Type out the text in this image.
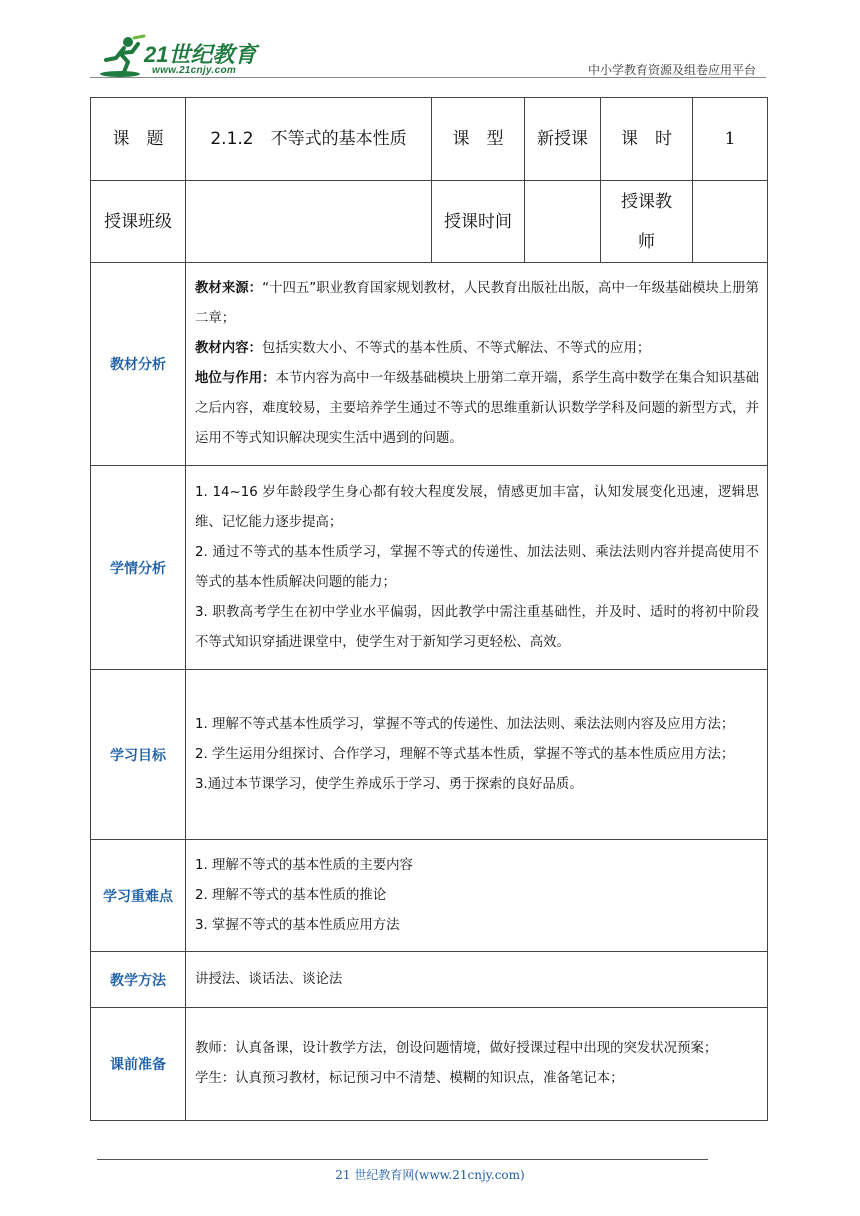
21世纪教育
www.21cnjy.com	中小学教育资源及组卷应用平台
课　题	2.1.2　不等式的基本性质	课　型	新授课	课　时	1
授课班级		授课时间		授课教师	
教材分析	教材来源：“十四五”职业教育国家规划教材，人民教育出版社出版，高中一年级基础模块上册第二章；

教材内容：包括实数大小、不等式的基本性质、不等式解法、不等式的应用；

地位与作用：本节内容为高中一年级基础模块上册第二章开端，系学生高中数学在集合知识基础之后内容，难度较易，主要培养学生通过不等式的思维重新认识数学学科及问题的新型方式，并运用不等式知识解决现实生活中遇到的问题。				

学情分析	1. 14~16 岁年龄段学生身心都有较大程度发展，情感更加丰富，认知发展变化迅速，逻辑思维、记忆能力逐步提高；

2. 通过不等式的基本性质学习，掌握不等式的传递性、加法法则、乘法法则内容并提高使用不等式的基本性质解决问题的能力；

3. 职教高考学生在初中学业水平偏弱，因此教学中需注重基础性，并及时、适时的将初中阶段不等式知识穿插进课堂中，使学生对于新知学习更轻松、高效。				

学习目标	1. 理解不等式基本性质学习，掌握不等式的传递性、加法法则、乘法法则内容及应用方法；

2. 学生运用分组探讨、合作学习，理解不等式基本性质，掌握不等式的基本性质应用方法；

3.通过本节课学习，使学生养成乐于学习、勇于探索的良好品质。				

学习重难点	1. 理解不等式的基本性质的主要内容

2. 理解不等式的基本性质的推论

3. 掌握不等式的基本性质应用方法				

教学方法	讲授法、谈话法、谈论法				

课前准备	教师：认真备课，设计教学方法，创设问题情境，做好授课过程中出现的突发状况预案；

学生：认真预习教材，标记预习中不清楚、模糊的知识点，准备笔记本；				

21 世纪教育网(www.21cnjy.com)
